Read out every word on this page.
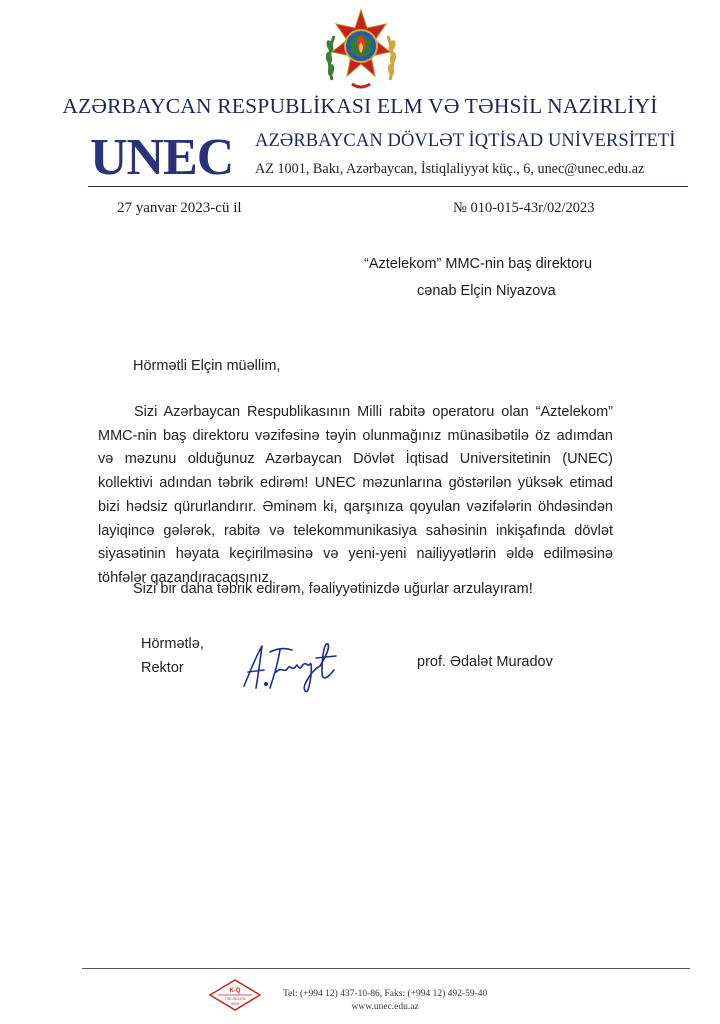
AZƏRBAYCAN RESPUBLİKASI ELM VƏ TƏHSİL NAZİRLİYİ
UNEC AZƏRBAYCAN DÖVLƏT İQTİSAD UNİVERSİTETİ
AZ 1001, Bakı, Azərbaycan, İstiqlaliyyət küç., 6, unec@unec.edu.az
27 yanvar 2023-cü il	№ 010-015-43r/02/2023
“Aztelekom” MMC-nin baş direktoru
cənab Elçin Niyazova
Hörmətli Elçin müəllim,
Sizi Azərbaycan Respublikasının Milli rabitə operatoru olan “Aztelekom” MMC-nin baş direktoru vəzifəsinə təyin olunmağınız münasibətilə öz adımdan və məzunu olduğunuz Azərbaycan Dövlət İqtisad Universitetinin (UNEC) kollektivi adından təbrik edirəm! UNEC məzunlarına göstərilən yüksək etimad bizi hədsiz qürurlandırır. Əminəm ki, qarşınıza qoyulan vəzifələrin öhdəsindən layiqincə gələrək, rabitə və telekommunikasiya sahəsinin inkişafında dövlət siyasətinin həyata keçirilməsinə və yeni-yeni nailiyyətlərin əldə edilməsinə töhfələr qazandıracaqsınız.
Sizi bir daha təbrik edirəm, fəaliyyətinizdə uğurlar arzulayıram!
Hörmətlə,
Rektor	prof. Ədalət Muradov
K-Q
TSE-ISO-EN
9000
Tel: (+994 12) 437-10-86, Faks: (+994 12) 492-59-40
www.unec.edu.az
